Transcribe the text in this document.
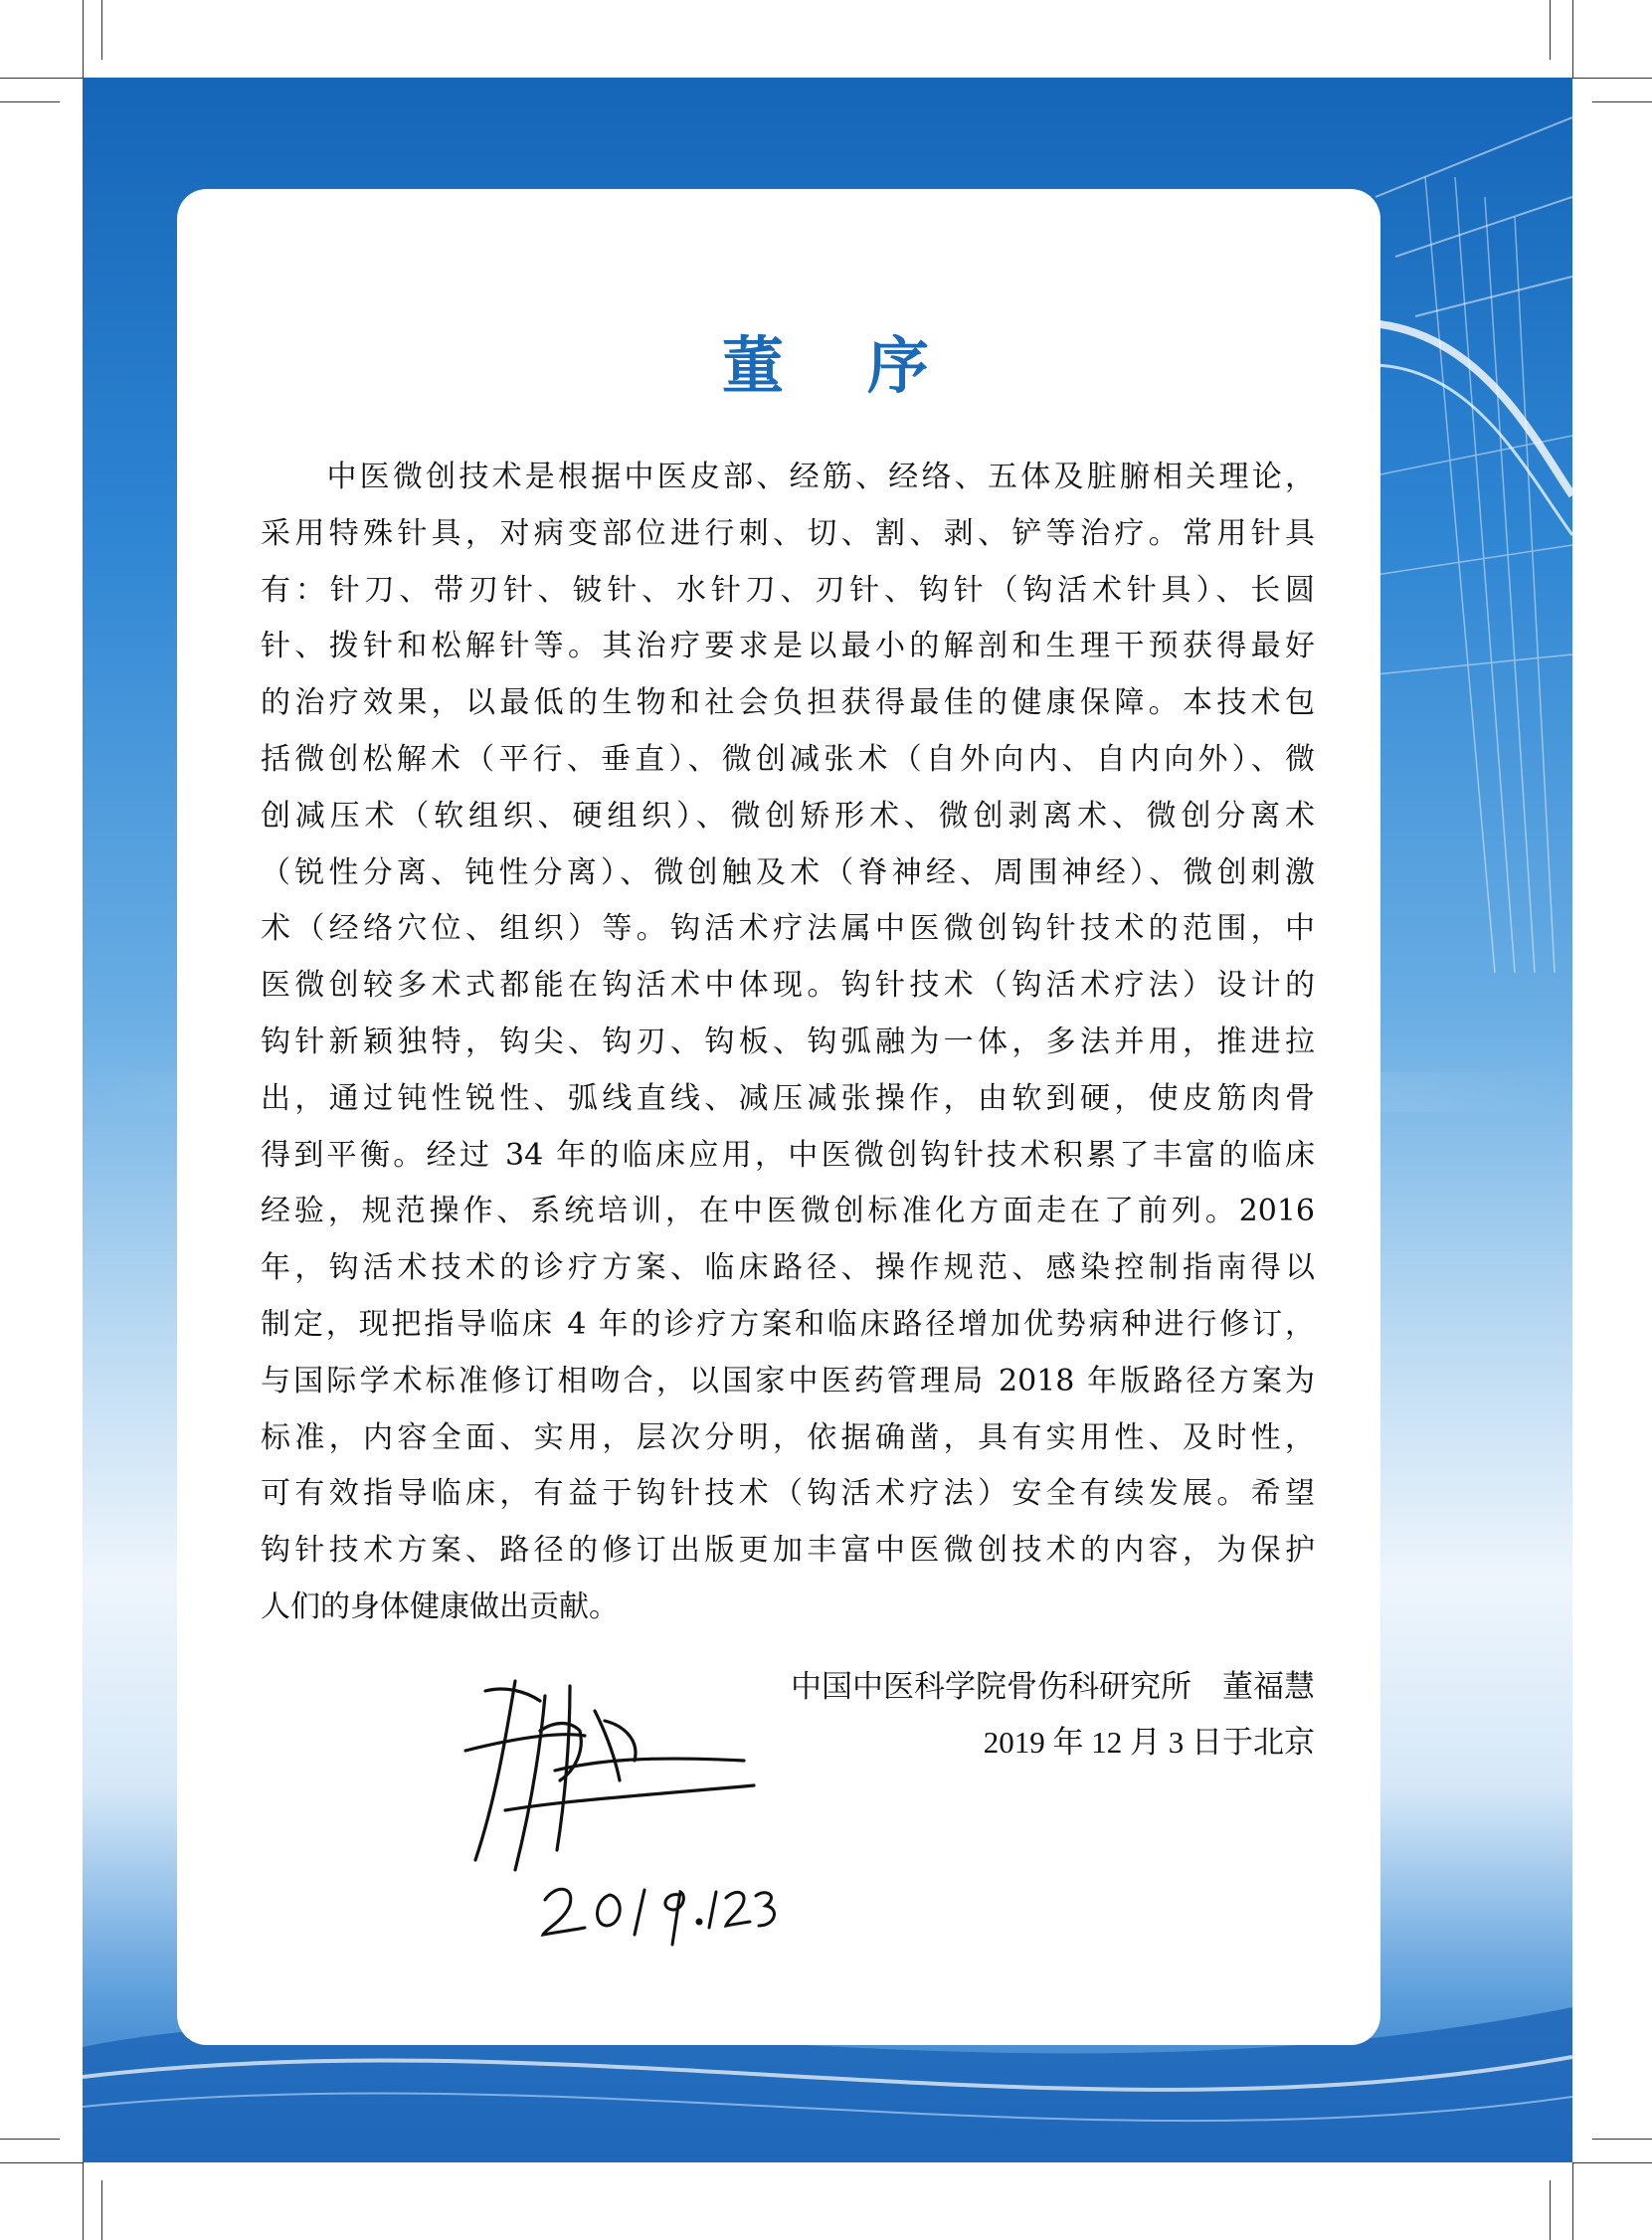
董 序
　　中医微创技术是根据中医皮部、经筋、经络、五体及脏腑相关理论，
采用特殊针具，对病变部位进行刺、切、割、剥、铲等治疗。常用针具
有：针刀、带刃针、铍针、水针刀、刃针、钩针（钩活术针具）、长圆
针、拨针和松解针等。其治疗要求是以最小的解剖和生理干预获得最好
的治疗效果，以最低的生物和社会负担获得最佳的健康保障。本技术包
括微创松解术（平行、垂直）、微创减张术（自外向内、自内向外）、微
创减压术（软组织、硬组织）、微创矫形术、微创剥离术、微创分离术
（锐性分离、钝性分离）、微创触及术（脊神经、周围神经）、微创刺激
术（经络穴位、组织）等。钩活术疗法属中医微创钩针技术的范围，中
医微创较多术式都能在钩活术中体现。钩针技术（钩活术疗法）设计的
钩针新颖独特，钩尖、钩刃、钩板、钩弧融为一体，多法并用，推进拉
出，通过钝性锐性、弧线直线、减压减张操作，由软到硬，使皮筋肉骨
得到平衡。经过 34 年的临床应用，中医微创钩针技术积累了丰富的临床
经验，规范操作、系统培训，在中医微创标准化方面走在了前列。2016
年，钩活术技术的诊疗方案、临床路径、操作规范、感染控制指南得以
制定，现把指导临床 4 年的诊疗方案和临床路径增加优势病种进行修订，
与国际学术标准修订相吻合，以国家中医药管理局 2018 年版路径方案为
标准，内容全面、实用，层次分明，依据确凿，具有实用性、及时性，
可有效指导临床，有益于钩针技术（钩活术疗法）安全有续发展。希望
钩针技术方案、路径的修订出版更加丰富中医微创技术的内容，为保护
人们的身体健康做出贡献。
中国中医科学院骨伤科研究所　董福慧
2019 年 12 月 3 日于北京
